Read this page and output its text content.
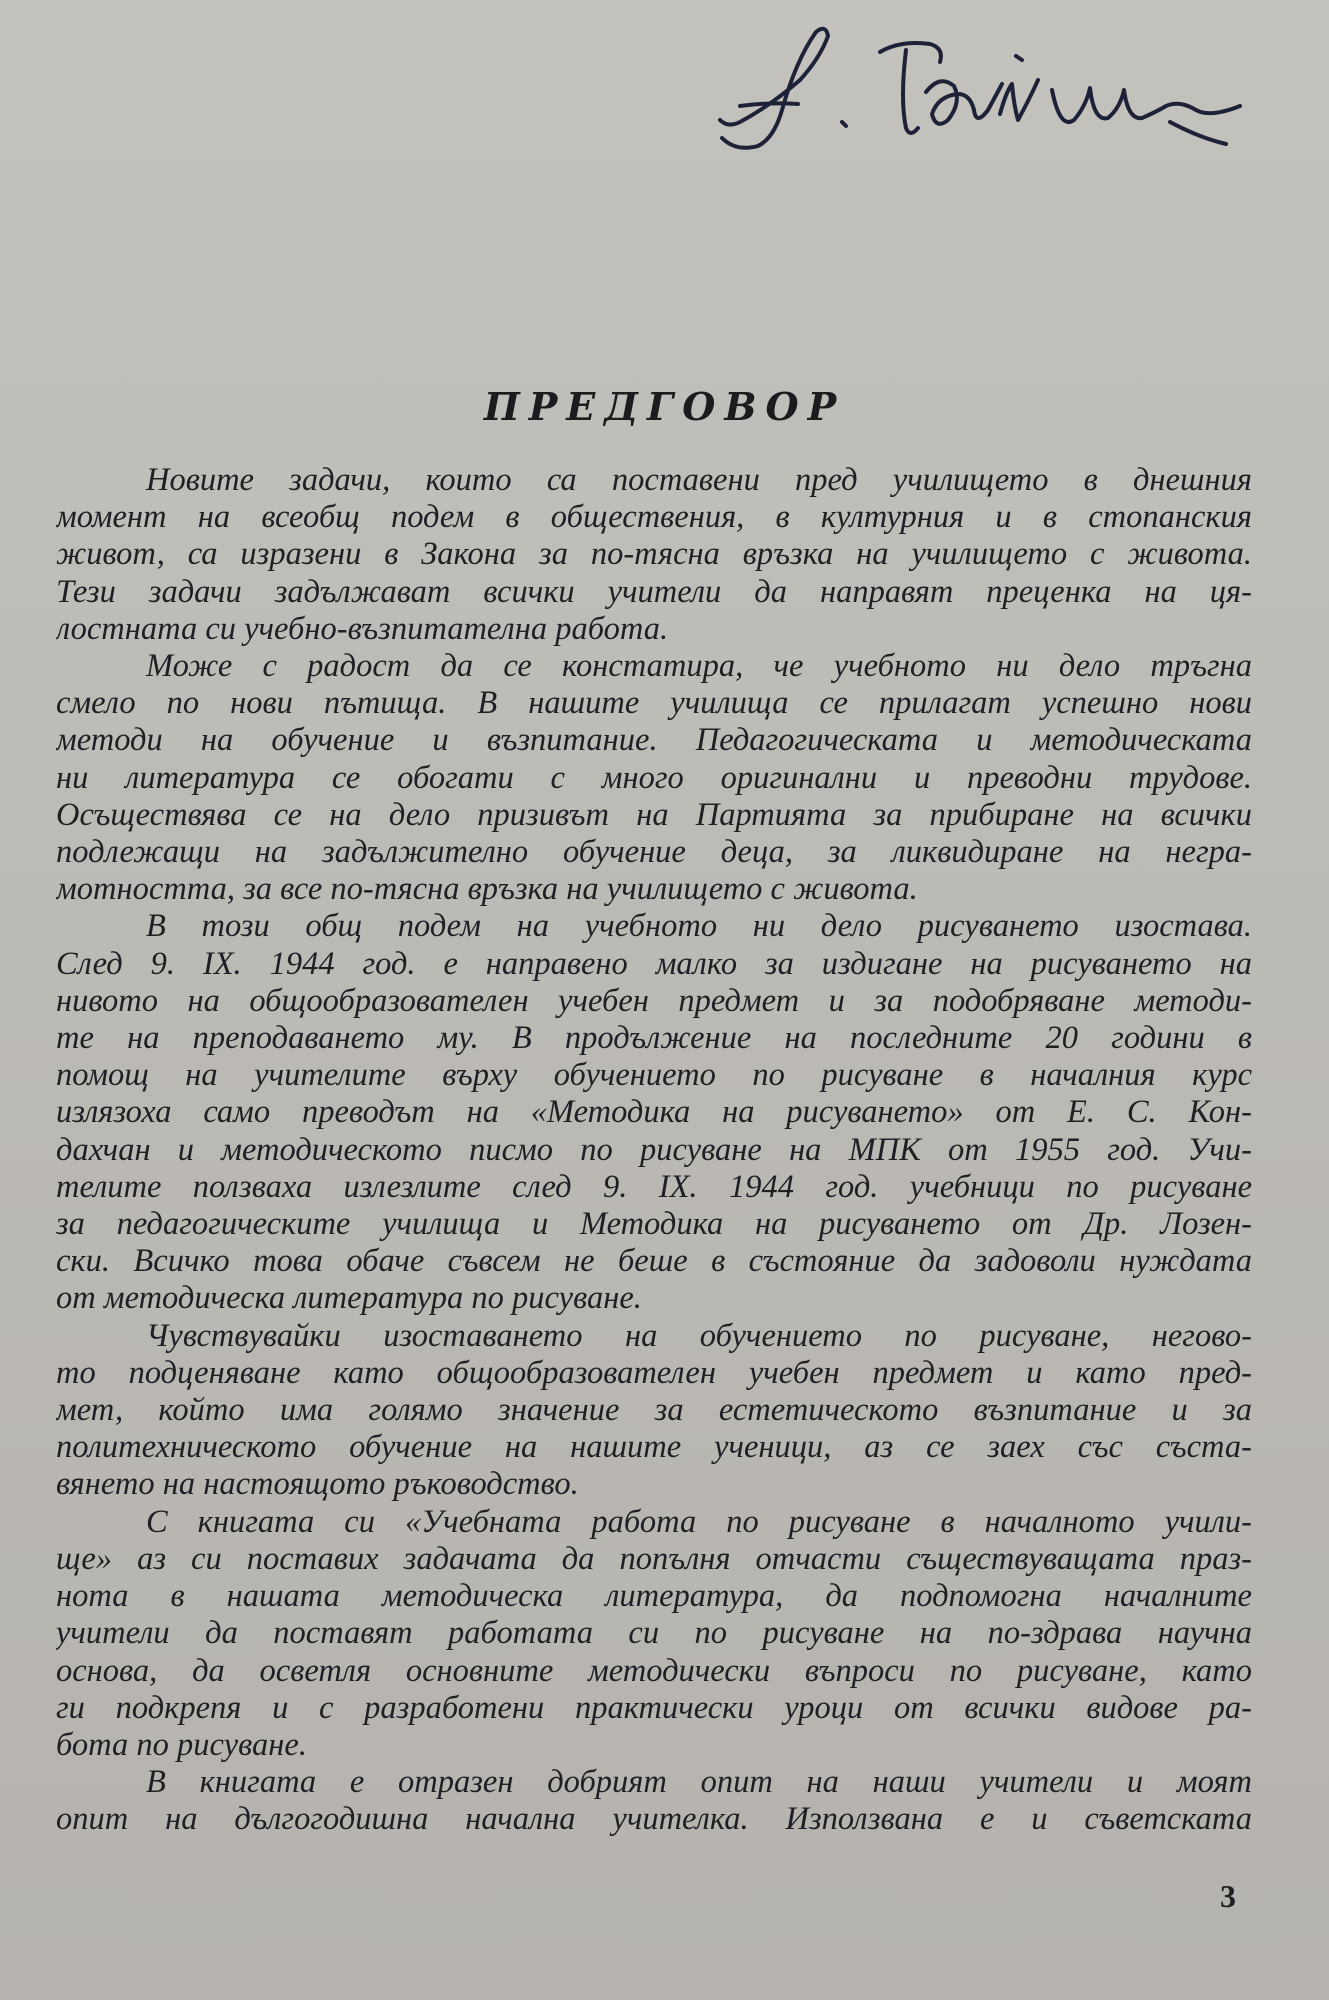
ПРЕДГОВОР
Новите задачи, които са поставени пред училището в днешния
момент на всеобщ подем в обществения, в културния и в стопанския
живот, са изразени в Закона за по-тясна връзка на училището с живота.
Тези задачи задължават всички учители да направят преценка на ця-
лостната си учебно-възпитателна работа.
Може с радост да се констатира, че учебното ни дело тръгна
смело по нови пътища. В нашите училища се прилагат успешно нови
методи на обучение и възпитание. Педагогическата и методическата
ни литература се обогати с много оригинални и преводни трудове.
Осъществява се на дело призивът на Партията за прибиране на всички
подлежащи на задължително обучение деца, за ликвидиране на негра-
мотността, за все по-тясна връзка на училището с живота.
В този общ подем на учебното ни дело рисуването изостава.
След 9. IX. 1944 год. е направено малко за издигане на рисуването на
нивото на общообразователен учебен предмет и за подобряване методи-
те на преподаването му. В продължение на последните 20 години в
помощ на учителите върху обучението по рисуване в началния курс
излязоха само преводът на «Методика на рисуването» от Е. С. Кон-
дахчан и методическото писмо по рисуване на МПК от 1955 год. Учи-
телите ползваха излезлите след 9. IX. 1944 год. учебници по рисуване
за педагогическите училища и Методика на рисуването от Др. Лозен-
ски. Всичко това обаче съвсем не беше в състояние да задоволи нуждата
от методическа литература по рисуване.
Чувствувайки изоставането на обучението по рисуване, негово-
то подценяване като общообразователен учебен предмет и като пред-
мет, който има голямо значение за естетическото възпитание и за
политехническото обучение на нашите ученици, аз се заех със съста-
вянето на настоящото ръководство.
С книгата си «Учебната работа по рисуване в началното учили-
ще» аз си поставих задачата да попълня отчасти съществуващата праз-
нота в нашата методическа литература, да подпомогна началните
учители да поставят работата си по рисуване на по-здрава научна
основа, да осветля основните методически въпроси по рисуване, като
ги подкрепя и с разработени практически уроци от всички видове ра-
бота по рисуване.
В книгата е отразен добрият опит на наши учители и моят
опит на дългогодишна начална учителка. Използвана е и съветската
3
